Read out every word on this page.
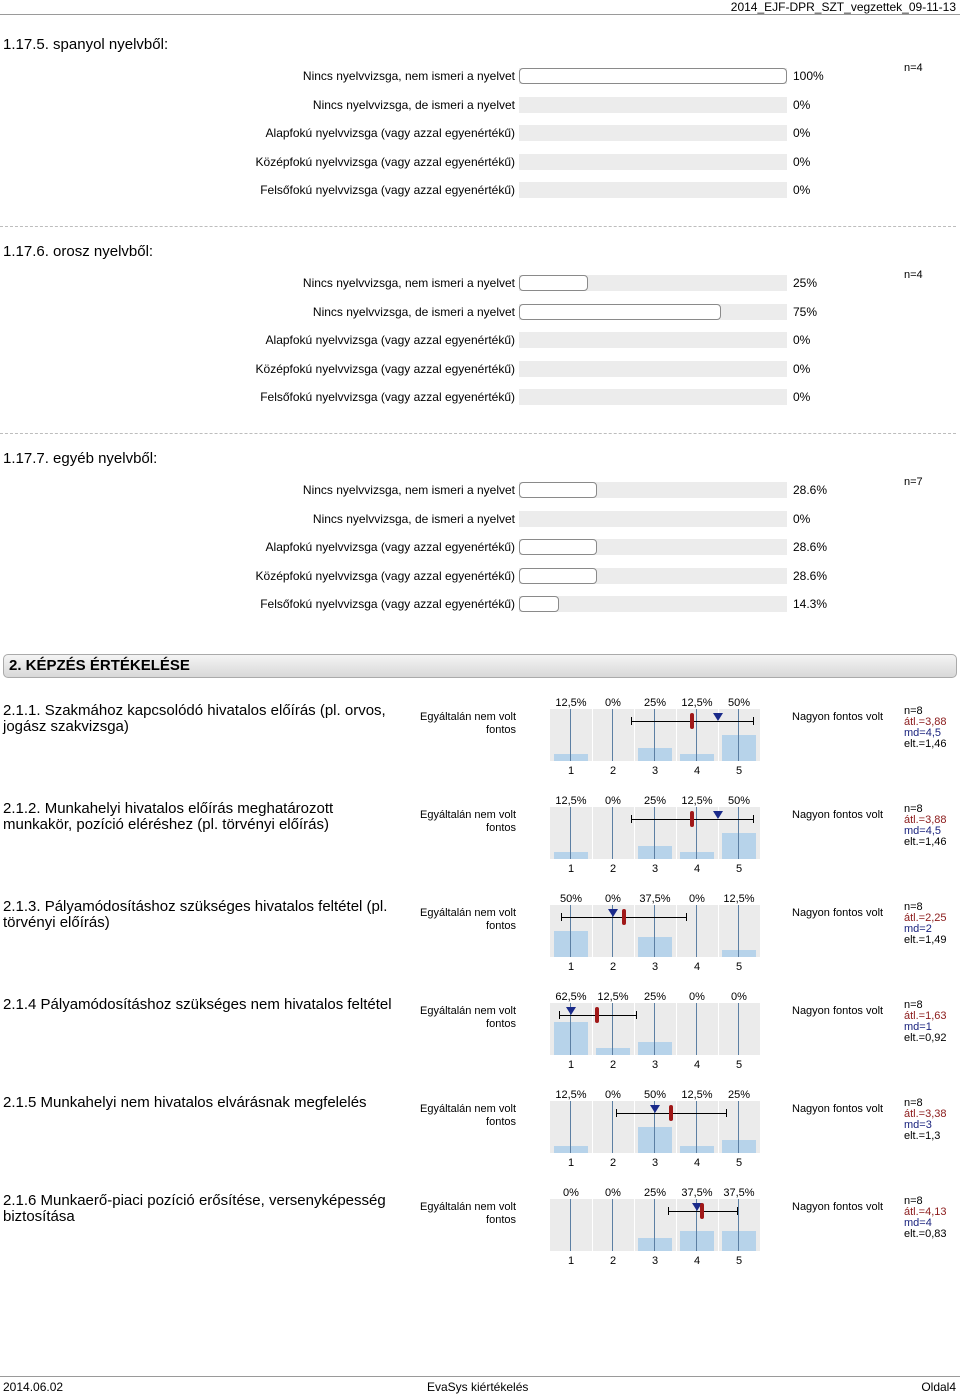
2014_EJF-DPR_SZT_vegzettek_09-11-13
1.17.5. spanyol nyelvből:
n=4
Nincs nyelvvizsga, nem ismeri a nyelvet	100%
Nincs nyelvvizsga, de ismeri a nyelvet	0%
Alapfokú nyelvvizsga (vagy azzal egyenértékű)	0%
Középfokú nyelvvizsga (vagy azzal egyenértékű)	0%
Felsőfokú nyelvvizsga (vagy azzal egyenértékű)	0%
1.17.6. orosz nyelvből:
n=4
Nincs nyelvvizsga, nem ismeri a nyelvet	25%
Nincs nyelvvizsga, de ismeri a nyelvet	75%
Alapfokú nyelvvizsga (vagy azzal egyenértékű)	0%
Középfokú nyelvvizsga (vagy azzal egyenértékű)	0%
Felsőfokú nyelvvizsga (vagy azzal egyenértékű)	0%
1.17.7. egyéb nyelvből:
n=7
Nincs nyelvvizsga, nem ismeri a nyelvet	28.6%
Nincs nyelvvizsga, de ismeri a nyelvet	0%
Alapfokú nyelvvizsga (vagy azzal egyenértékű)	28.6%
Középfokú nyelvvizsga (vagy azzal egyenértékű)	28.6%
Felsőfokú nyelvvizsga (vagy azzal egyenértékű)	14.3%
2. KÉPZÉS ÉRTÉKELÉSE
2.1.1. Szakmához kapcsolódó hivatalos előírás (pl. orvos, jogász szakvizsga)
Egyáltalán nem volt fontos
Nagyon fontos volt
12,5%	0%	25%	12,5%	50%
1	2	3	4	5
n=8
átl.=3,88
md=4,5
elt.=1,46
2.1.2. Munkahelyi hivatalos előírás meghatározott munkakör, pozíció eléréshez (pl. törvényi előírás)
Egyáltalán nem volt fontos
Nagyon fontos volt
12,5%	0%	25%	12,5%	50%
1	2	3	4	5
n=8
átl.=3,88
md=4,5
elt.=1,46
2.1.3. Pályamódosításhoz szükséges hivatalos feltétel (pl. törvényi előírás)
Egyáltalán nem volt fontos
Nagyon fontos volt
50%	0%	37,5%	0%	12,5%
1	2	3	4	5
n=8
átl.=2,25
md=2
elt.=1,49
2.1.4 Pályamódosításhoz szükséges nem hivatalos feltétel	Egyáltalán nem volt fontos
Nagyon fontos volt
62,5% 12,5%	25%	0%	0%
1	2	3	4	5
n=8
átl.=1,63
md=1
elt.=0,92
2.1.5 Munkahelyi nem hivatalos elvárásnak megfelelés	Egyáltalán nem volt fontos
Nagyon fontos volt
12,5%	0%	50%	12,5%	25%
1	2	3	4	5
n=8
átl.=3,38
md=3
elt.=1,3
2.1.6 Munkaerő-piaci pozíció erősítése, versenyképesség biztosítása
Egyáltalán nem volt fontos
Nagyon fontos volt
0%	0%	25%	37,5% 37,5%
1	2	3	4	5
n=8
átl.=4,13
md=4
elt.=0,83
2014.06.02	EvaSys kiértékelés	Oldal4
